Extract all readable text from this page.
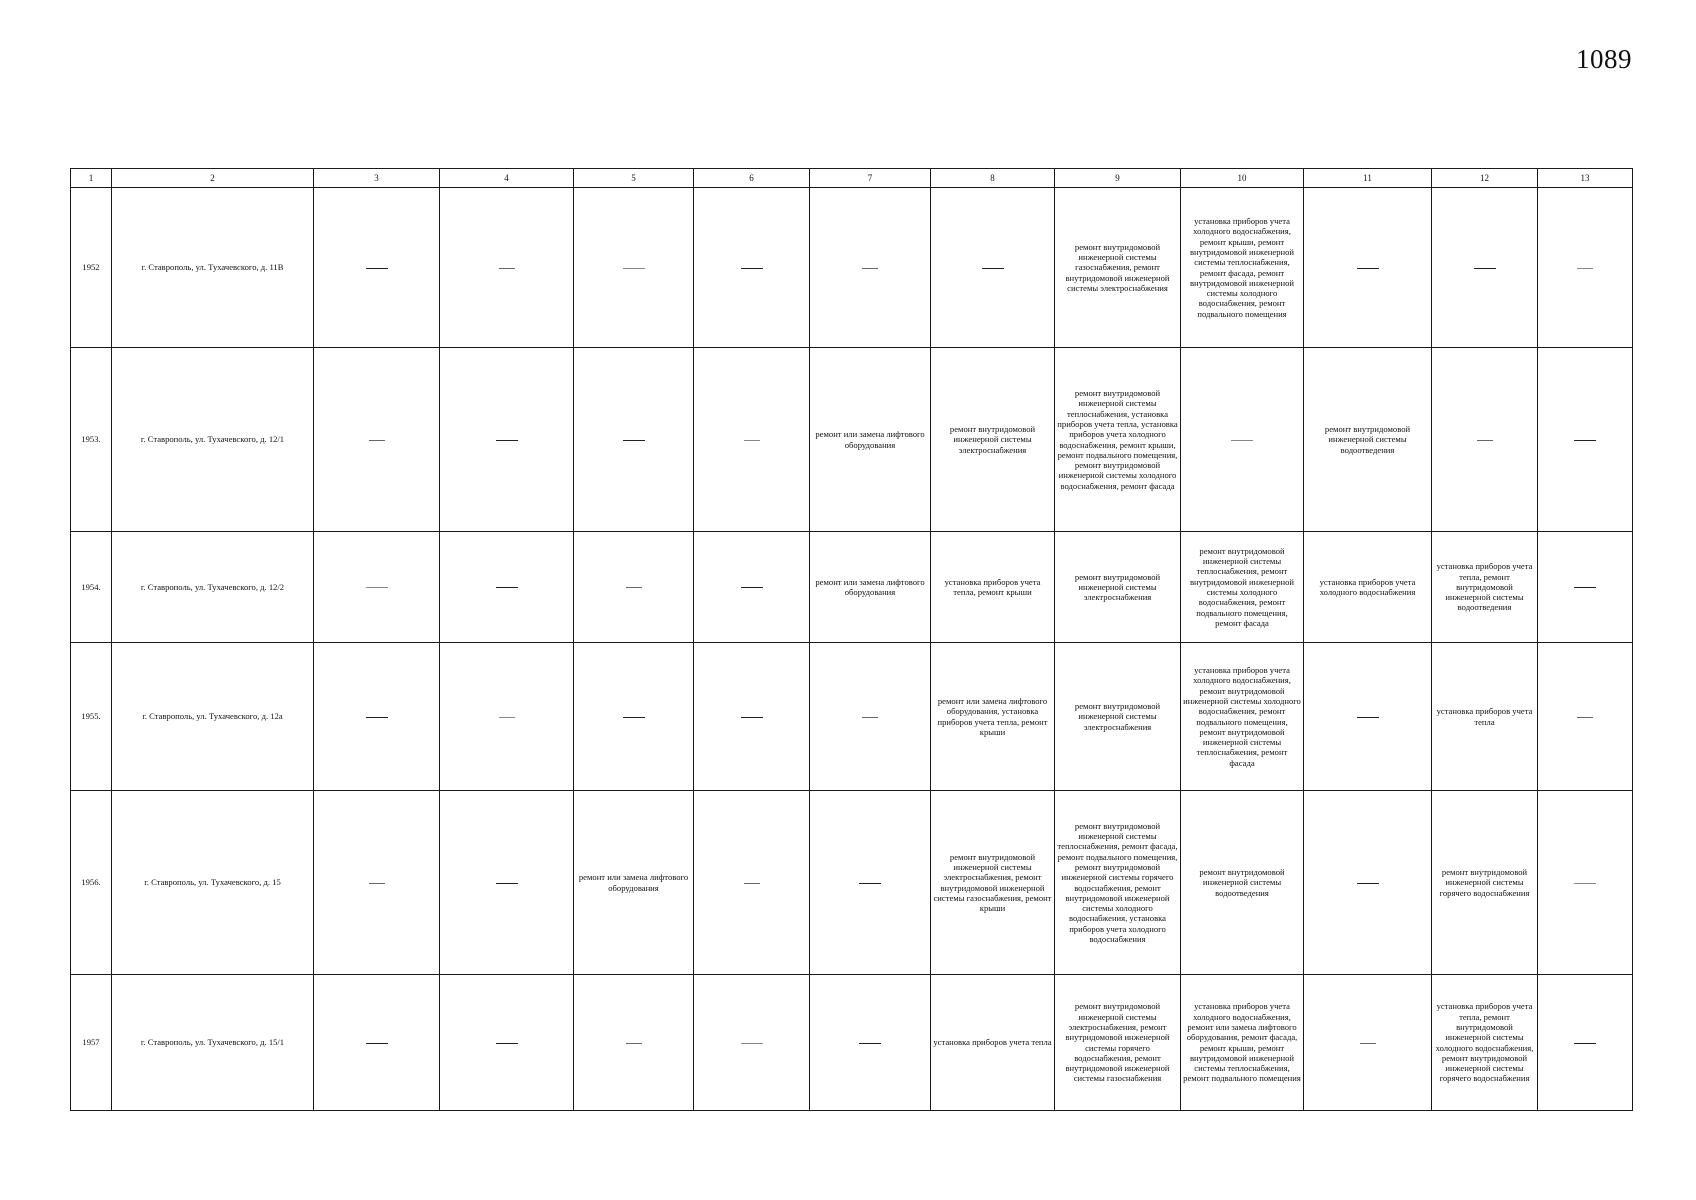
1089
1	2	3	4	5	6	7	8	9	10	11	12	13
1952	г. Ставрополь, ул. Тухачевского, д. 11В							ремонт внутридомовой инженерной системы газоснабжения, ремонт внутридомовой инженерной системы электроснабжения	установка приборов учета холодного водоснабжения, ремонт крыши, ремонт внутридомовой инженерной системы теплоснабжения, ремонт фасада, ремонт внутридомовой инженерной системы холодного водоснабжения, ремонт подвального помещения			
1953.	г. Ставрополь, ул. Тухачевского, д. 12/1					ремонт или замена лифтового оборудования	ремонт внутридомовой инженерной системы электроснабжения	ремонт внутридомовой инженерной системы теплоснабжения, установка приборов учета тепла, установка приборов учета холодного водоснабжения, ремонт крыши, ремонт подвального помещения, ремонт внутридомовой инженерной системы холодного водоснабжения, ремонт фасада		ремонт внутридомовой инженерной системы водоотведения		
1954.	г. Ставрополь, ул. Тухачевского, д. 12/2					ремонт или замена лифтового оборудования	установка приборов учета тепла, ремонт крыши	ремонт внутридомовой инженерной системы электроснабжения	ремонт внутридомовой инженерной системы теплоснабжения, ремонт внутридомовой инженерной системы холодного водоснабжения, ремонт подвального помещения, ремонт фасада	установка приборов учета холодного водоснабжения	установка приборов учета тепла, ремонт внутридомовой инженерной системы водоотведения	
1955.	г. Ставрополь, ул. Тухачевского, д. 12а						ремонт или замена лифтового оборудования, установка приборов учета тепла, ремонт крыши	ремонт внутридомовой инженерной системы электроснабжения	установка приборов учета холодного водоснабжения, ремонт внутридомовой инженерной системы холодного водоснабжения, ремонт подвального помещения, ремонт внутридомовой инженерной системы теплоснабжения, ремонт фасада		установка приборов учета тепла	
1956.	г. Ставрополь, ул. Тухачевского, д. 15			ремонт или замена лифтового оборудования			ремонт внутридомовой инженерной системы электроснабжения, ремонт внутридомовой инженерной системы газоснабжения, ремонт крыши	ремонт внутридомовой инженерной системы теплоснабжения, ремонт фасада, ремонт подвального помещения, ремонт внутридомовой инженерной системы горячего водоснабжения, ремонт внутридомовой инженерной системы холодного водоснабжения, установка приборов учета холодного водоснабжения	ремонт внутридомовой инженерной системы водоотведения		ремонт внутридомовой инженерной системы горячего водоснабжения	
1957	г. Ставрополь, ул. Тухачевского, д. 15/1						установка приборов учета тепла	ремонт внутридомовой инженерной системы электроснабжения, ремонт внутридомовой инженерной системы горячего водоснабжения, ремонт внутридомовой инженерной системы газоснабжения	установка приборов учета холодного водоснабжения, ремонт или замена лифтового оборудования, ремонт фасада, ремонт крыши, ремонт внутридомовой инженерной системы теплоснабжения, ремонт подвального помещения		установка приборов учета тепла, ремонт внутридомовой инженерной системы холодного водоснабжения, ремонт внутридомовой инженерной системы горячего водоснабжения	
